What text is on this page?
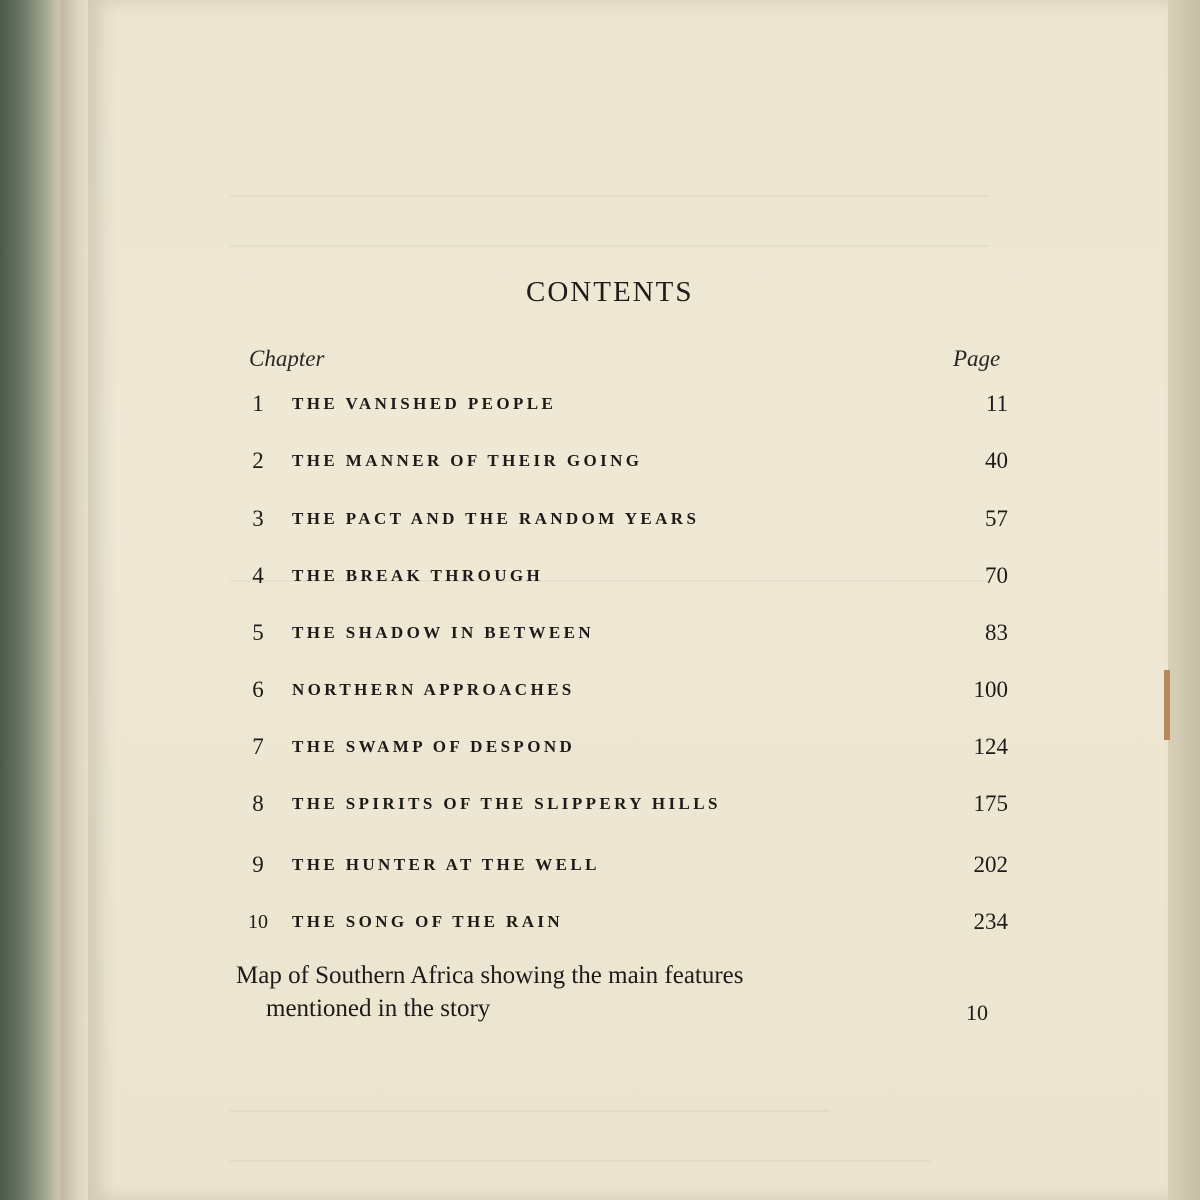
CONTENTS
Chapter	Page
1	THE VANISHED PEOPLE	11
2	THE MANNER OF THEIR GOING	40
3	THE PACT AND THE RANDOM YEARS	57
4	THE BREAK THROUGH	70
5	THE SHADOW IN BETWEEN	83
6	NORTHERN APPROACHES	100
7	THE SWAMP OF DESPOND	124
8	THE SPIRITS OF THE SLIPPERY HILLS	175
9	THE HUNTER AT THE WELL	202
10	THE SONG OF THE RAIN	234
Map of Southern Africa showing the main features
mentioned in the story	10
